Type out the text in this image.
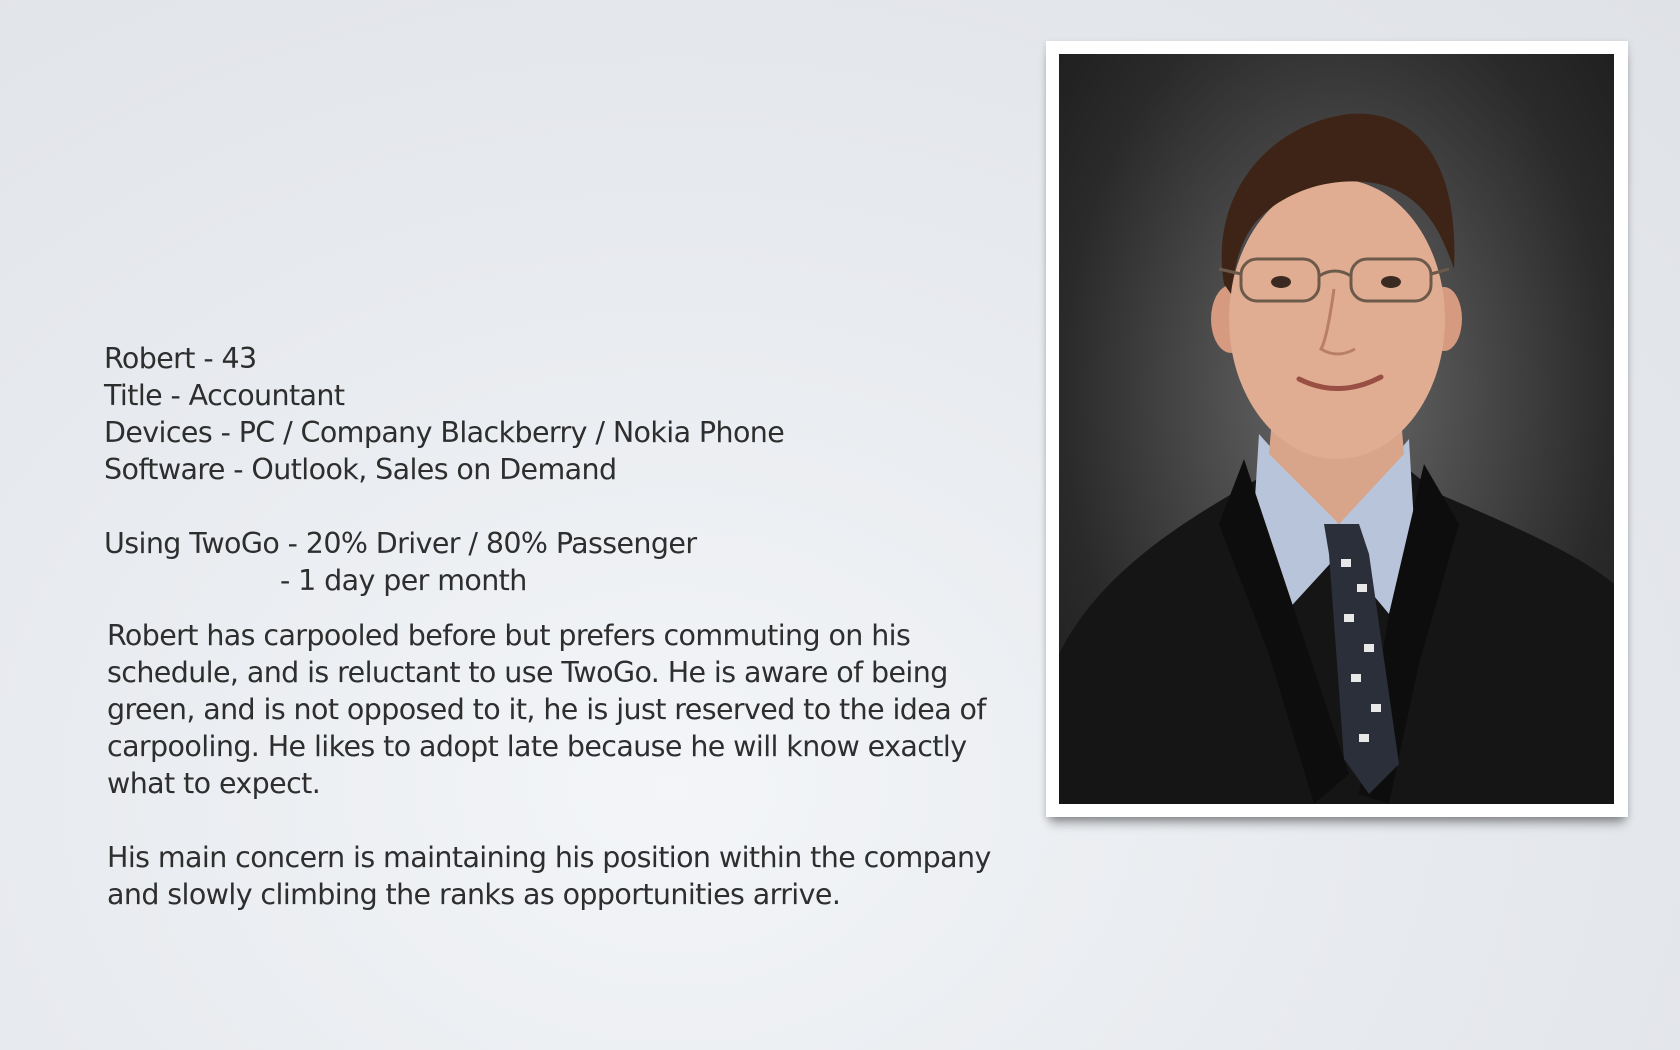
Robert - 43
Title - Accountant
Devices - PC / Company Blackberry / Nokia Phone
Software - Outlook, Sales on Demand
Using TwoGo - 20% Driver / 80% Passenger
- 1 day per month

Robert has carpooled before but prefers commuting on his schedule, and is reluctant to use TwoGo. He is aware of being green, and is not opposed to it, he is just reserved to the idea of carpooling. He likes to adopt late because he will know exactly what to expect.

His main concern is maintaining his position within the company and slowly climbing the ranks as opportunities arrive.
